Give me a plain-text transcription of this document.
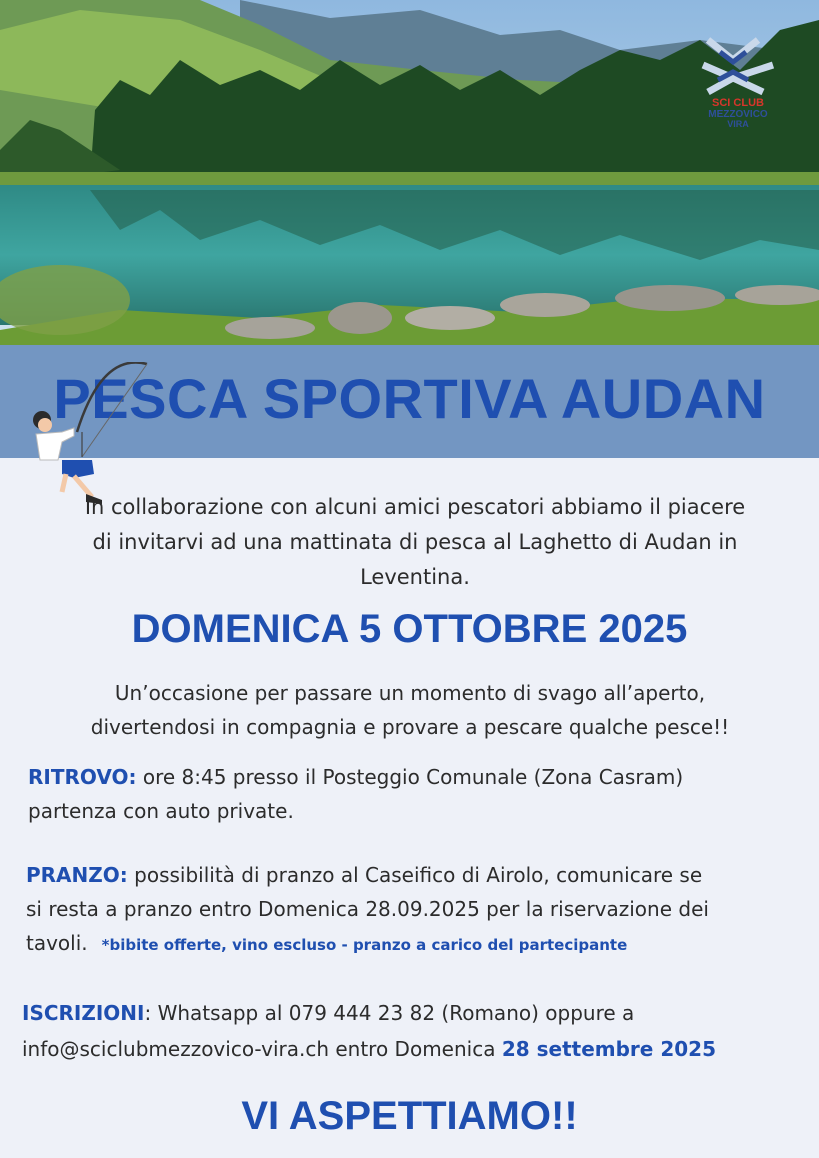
SCI CLUB
MEZZOVICO
VIRA
PESCA SPORTIVA AUDAN
In collaborazione con alcuni amici pescatori abbiamo il piacere
di invitarvi ad una mattinata di pesca al Laghetto di Audan in
Leventina.
DOMENICA 5 OTTOBRE 2025
Un’occasione per passare un momento di svago all’aperto,
divertendosi in compagnia e provare a pescare qualche pesce!!
RITROVO: ore 8:45 presso il Posteggio Comunale (Zona Casram)
partenza con auto private.
PRANZO: possibilità di pranzo al Caseifico di Airolo, comunicare se
si resta a pranzo entro Domenica 28.09.2025 per la riservazione dei
tavoli. *bibite offerte, vino escluso - pranzo a carico del partecipante
ISCRIZIONI: Whatsapp al 079 444 23 82 (Romano) oppure a
info@sciclubmezzovico-vira.ch entro Domenica 28 settembre 2025
VI ASPETTIAMO!!
